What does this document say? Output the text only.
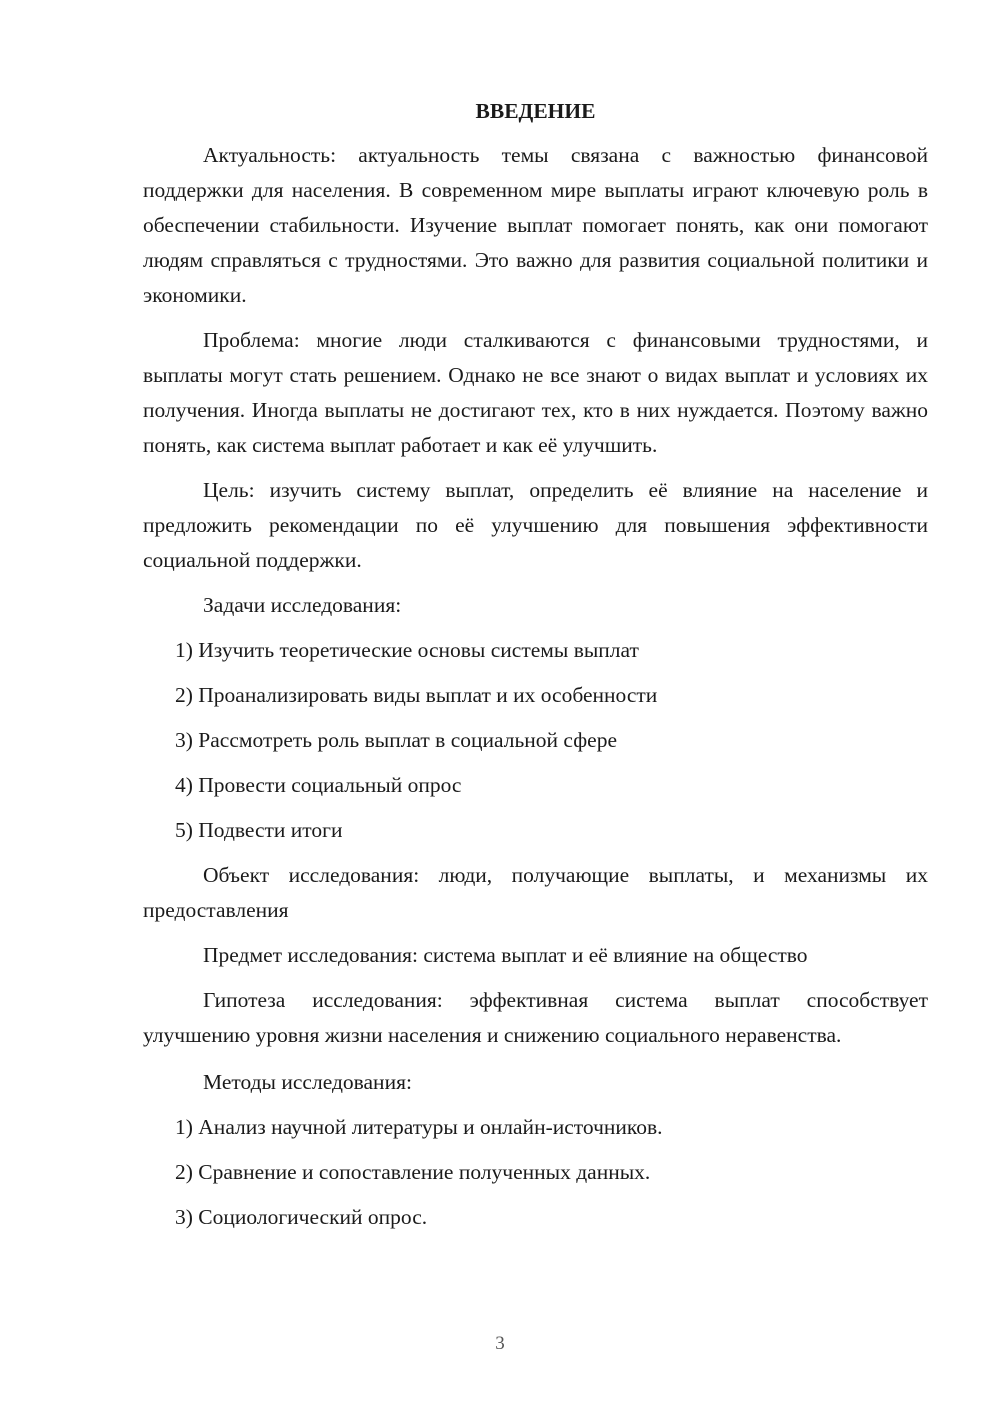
ВВЕДЕНИЕ
Актуальность: актуальность темы связана с важностью финансовой поддержки для населения. В современном мире выплаты играют ключевую роль в обеспечении стабильности. Изучение выплат помогает понять, как они помогают людям справляться с трудностями. Это важно для развития социальной политики и экономики.
Проблема: многие люди сталкиваются с финансовыми трудностями, и выплаты могут стать решением. Однако не все знают о видах выплат и условиях их получения. Иногда выплаты не достигают тех, кто в них нуждается. Поэтому важно понять, как система выплат работает и как её улучшить.
Цель: изучить систему выплат, определить её влияние на население и предложить рекомендации по её улучшению для повышения эффективности социальной поддержки.
Задачи исследования:
1) Изучить теоретические основы системы выплат
2) Проанализировать виды выплат и их особенности
3) Рассмотреть роль выплат в социальной сфере
4) Провести социальный опрос
5) Подвести итоги
Объект исследования: люди, получающие выплаты, и механизмы их предоставления
Предмет исследования: система выплат и её влияние на общество
Гипотеза исследования: эффективная система выплат способствует улучшению уровня жизни населения и снижению социального неравенства.
Методы исследования:
1) Анализ научной литературы и онлайн-источников.
2) Сравнение и сопоставление полученных данных.
3) Социологический опрос.
3
